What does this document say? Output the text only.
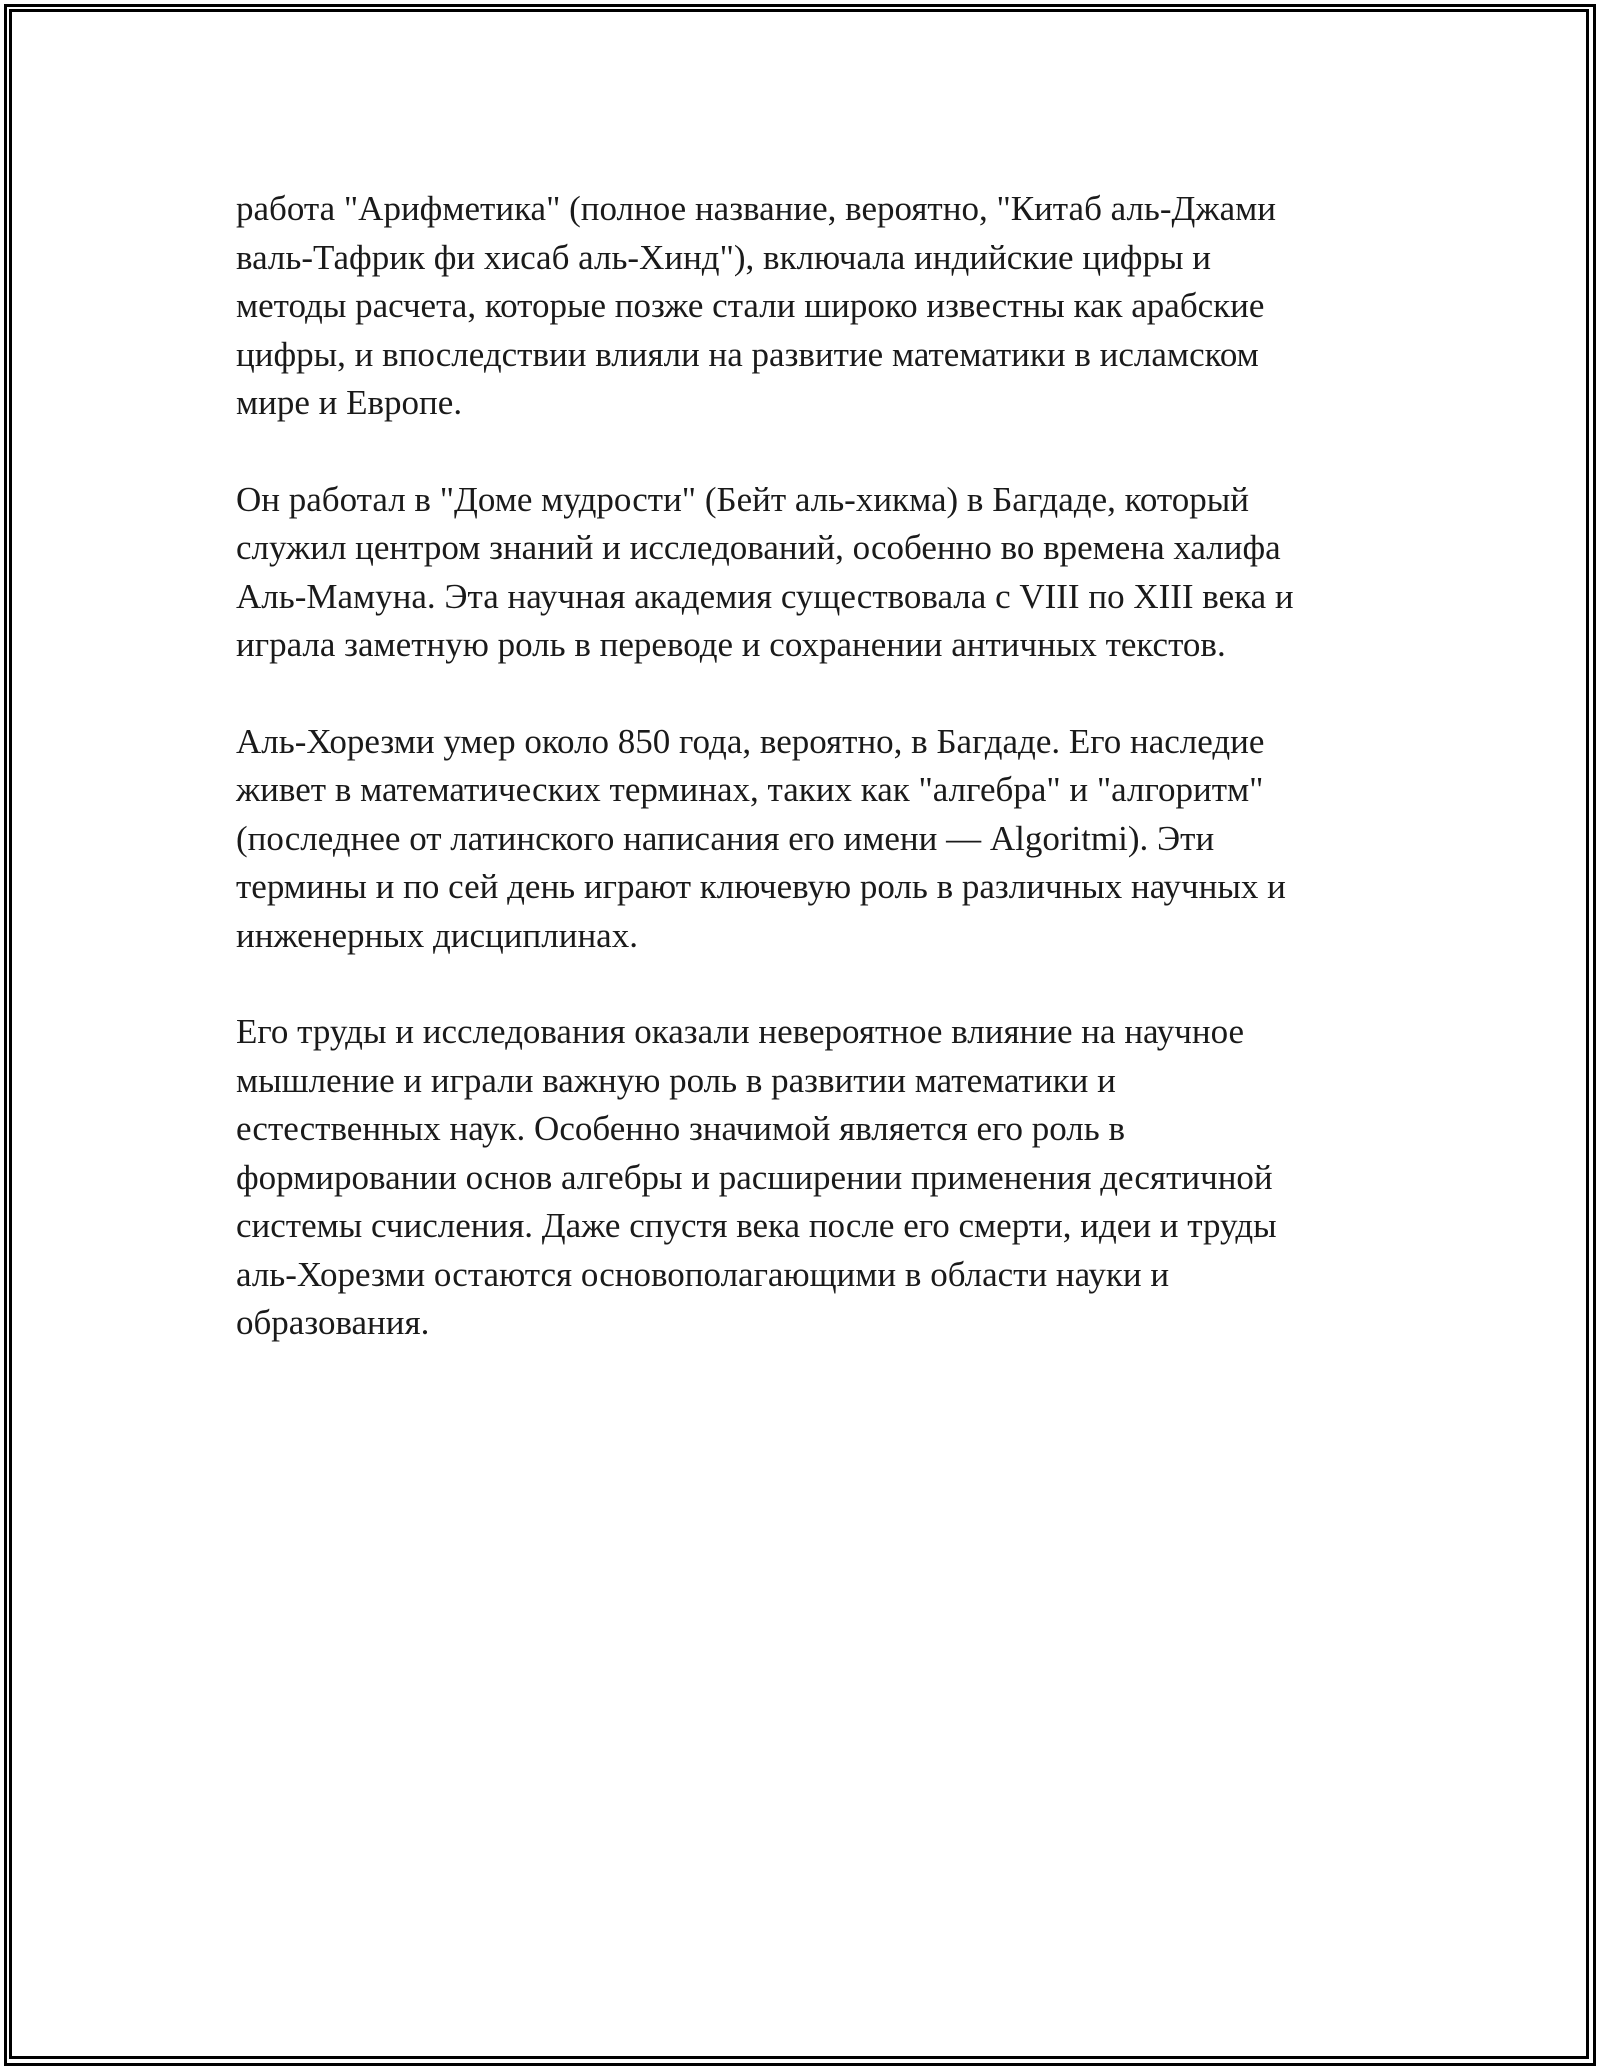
работа "Арифметика" (полное название, вероятно, "Китаб аль-Джами
валь-Тафрик фи хисаб аль-Хинд"), включала индийские цифры и
методы расчета, которые позже стали широко известны как арабские
цифры, и впоследствии влияли на развитие математики в исламском
мире и Европе.

Он работал в "Доме мудрости" (Бейт аль-хикма) в Багдаде, который
служил центром знаний и исследований, особенно во времена халифа
Аль-Мамуна. Эта научная академия существовала с VIII по XIII века и
играла заметную роль в переводе и сохранении античных текстов.

Аль-Хорезми умер около 850 года, вероятно, в Багдаде. Его наследие
живет в математических терминах, таких как "алгебра" и "алгоритм"
(последнее от латинского написания его имени — Algoritmi). Эти
термины и по сей день играют ключевую роль в различных научных и
инженерных дисциплинах.

Его труды и исследования оказали невероятное влияние на научное
мышление и играли важную роль в развитии математики и
естественных наук. Особенно значимой является его роль в
формировании основ алгебры и расширении применения десятичной
системы счисления. Даже спустя века после его смерти, идеи и труды
аль-Хорезми остаются основополагающими в области науки и
образования.
